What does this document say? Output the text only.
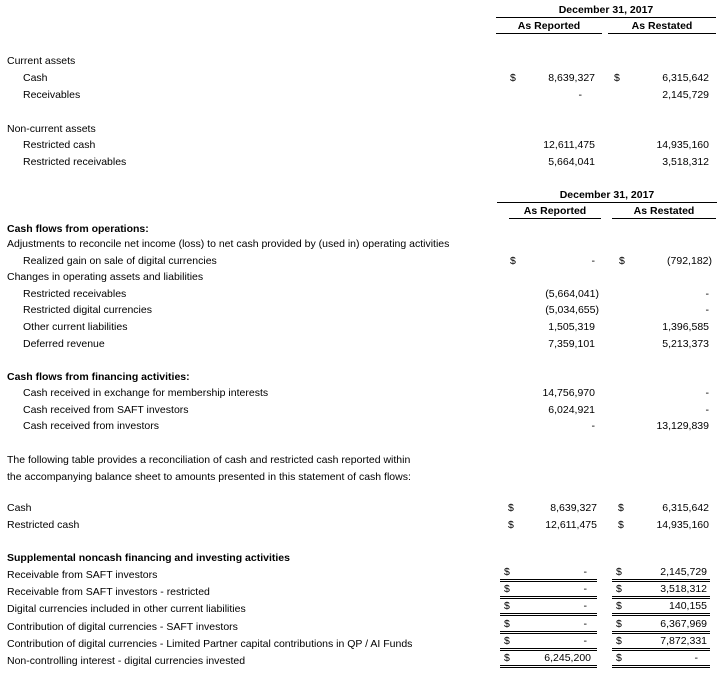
December 31, 2017
As Reported	As Restated
Current assets
Cash	$	8,639,327 $	6,315,642
Receivables	-	2,145,729
Non-current assets
Restricted cash	12,611,475	14,935,160
Restricted receivables	5,664,041	3,518,312
December 31, 2017
As Reported	As Restated
Cash flows from operations:
Adjustments to reconcile net income (loss) to net cash provided by (used in) operating activities
Realized gain on sale of digital currencies	$	- $	(792,182)
Changes in operating assets and liabilities
Restricted receivables	(5,664,041)	-
Restricted digital currencies	(5,034,655)	-
Other current liabilities	1,505,319	1,396,585
Deferred revenue	7,359,101	5,213,373
Cash flows from financing activities:
Cash received in exchange for membership interests	14,756,970	-
Cash received from SAFT investors	6,024,921	-
Cash received from investors	-	13,129,839
The following table provides a reconciliation of cash and restricted cash reported within
the accompanying balance sheet to amounts presented in this statement of cash flows:
Cash	$	8,639,327 $	6,315,642
Restricted cash	$	12,611,475 $	14,935,160
Supplemental noncash financing and investing activities
Receivable from SAFT investors	$	-	$	2,145,729
Receivable from SAFT investors - restricted	$	-	$	3,518,312
Digital currencies included in other current liabilities	$	-	$	140,155
Contribution of digital currencies - SAFT investors	$	-	$	6,367,969
Contribution of digital currencies - Limited Partner capital contributions in QP / AI Funds	$	-	$	7,872,331
Non-controlling interest - digital currencies invested	$	6,245,200 $	-
